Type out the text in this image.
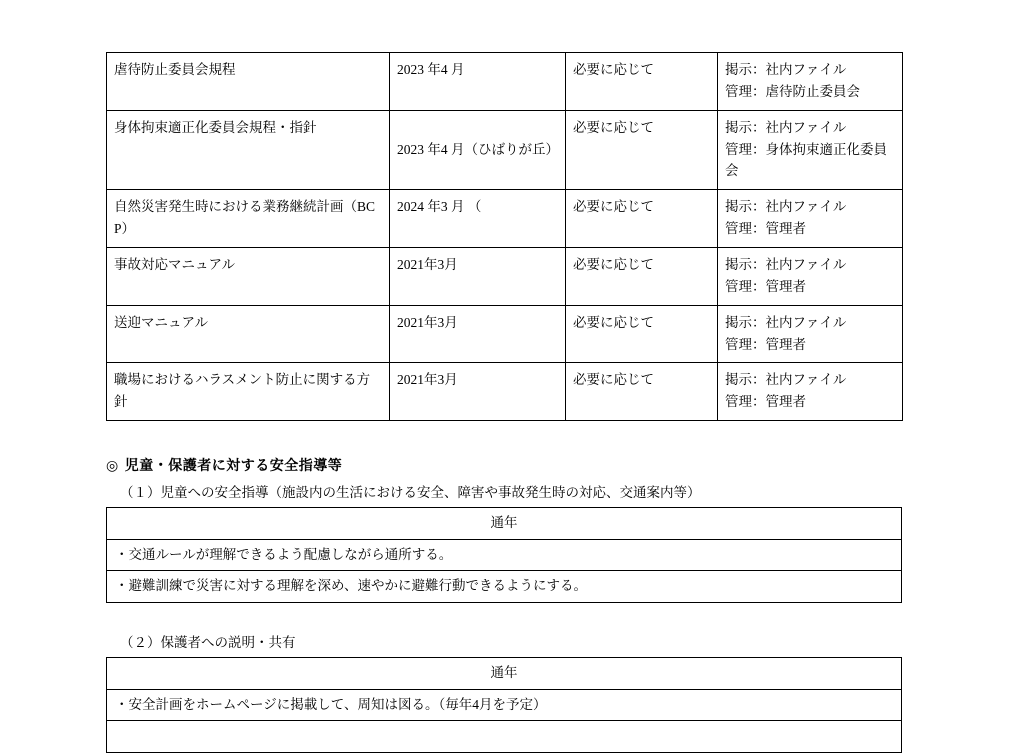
虐待防止委員会規程	2023 年4 月	必要に応じて	掲示：社内ファイル
管理：虐待防止委員会

身体拘束適正化委員会規程・指針	2023 年4 月（ひばりが丘）	必要に応じて	掲示：社内ファイル
管理：身体拘束適正化委員会

自然災害発生時における業務継続計画（BCP）	2024 年3 月 （	必要に応じて	掲示：社内ファイル
管理：管理者

事故対応マニュアル	2021年3月	必要に応じて	掲示：社内ファイル
管理：管理者

送迎マニュアル	2021年3月	必要に応じて	掲示：社内ファイル
管理：管理者

職場におけるハラスメント防止に関する方針	2021年3月	必要に応じて	掲示：社内ファイル
管理：管理者

◎ 児童・保護者に対する安全指導等

（１）児童への安全指導（施設内の生活における安全、障害や事故発生時の対応、交通案内等）

通年
・交通ルールが理解できるよう配慮しながら通所する。
・避難訓練で災害に対する理解を深め、速やかに避難行動できるようにする。

（２）保護者への説明・共有

通年
・安全計画をホームページに掲載して、周知は図る。（毎年4月を予定）
